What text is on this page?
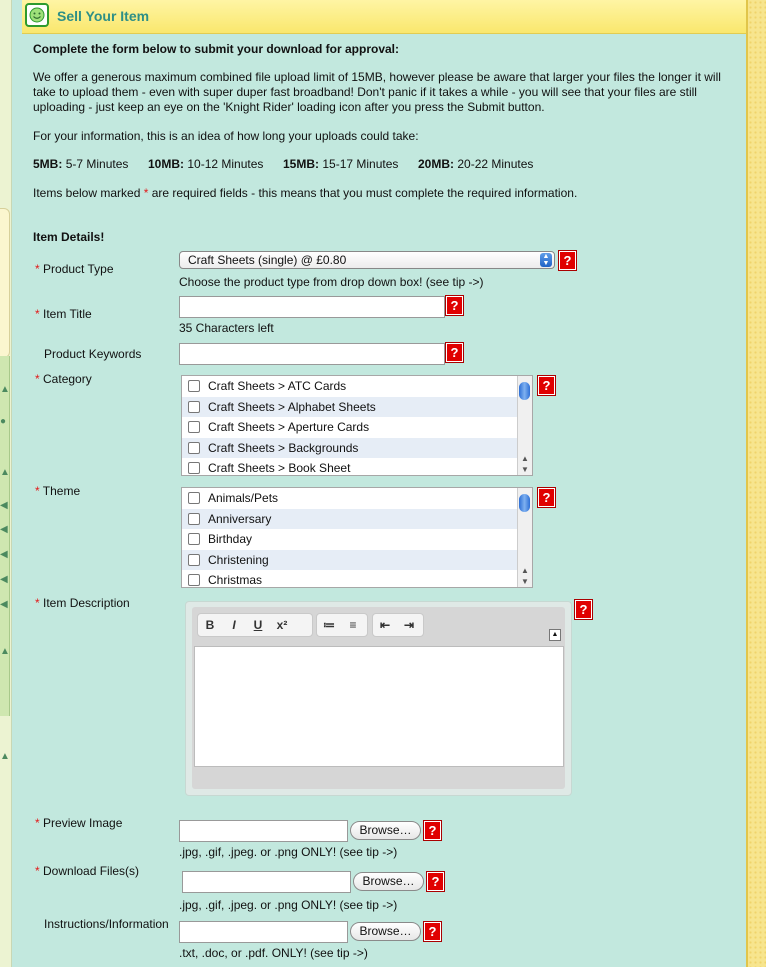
▲
●
▲
◀
◀
◀
◀
◀
▲
▲
Sell Your Item
Complete the form below to submit your download for approval:
We offer a generous maximum combined file upload limit of 15MB, however please be aware that larger your files the longer it will
take to upload them - even with super duper fast broadband! Don't panic if it takes a while - you will see that your files are still
uploading - just keep an eye on the 'Knight Rider' loading icon after you press the Submit button.
For your information, this is an idea of how long your uploads could take:
5MB: 5-7 Minutes 10MB: 10-12 Minutes 15MB: 15-17 Minutes 20MB: 20-22 Minutes
Items below marked * are required fields - this means that you must complete the required information.
Item Details!
* Product Type
Craft Sheets (single) @ £0.80	▲
▼	?
Choose the product type from drop down box! (see tip ->)
* Item Title
?
35 Characters left
Product Keywords	?
* Category
Craft Sheets > ATC Cards
Craft Sheets > Alphabet Sheets
Craft Sheets > Aperture Cards
Craft Sheets > Backgrounds
Craft Sheets > Book Sheet
▲
▼
?
* Theme
Animals/Pets
Anniversary
Birthday
Christening
Christmas
▲
▼
?
* Item Description
B	I	U	x²	≔	≡	⇤	⇥
▲
?
* Preview Image	Browse…	?
.jpg, .gif, .jpeg. or .png ONLY! (see tip ->)
* Download Files(s)
Browse…	?
.jpg, .gif, .jpeg. or .png ONLY! (see tip ->)
Instructions/Information	Browse…	?
.txt, .doc, or .pdf. ONLY! (see tip ->)
